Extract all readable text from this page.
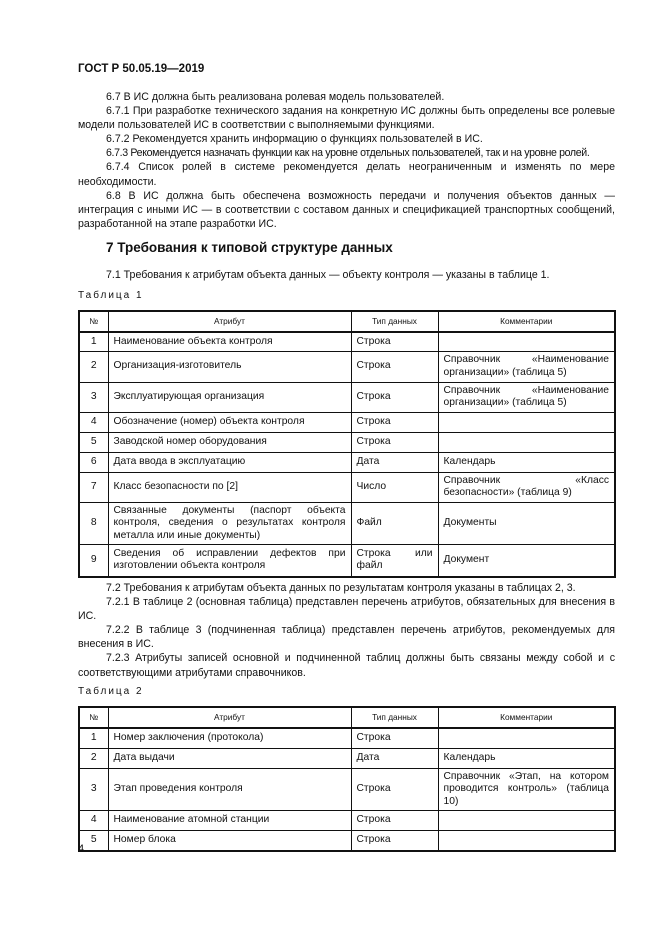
ГОСТ Р 50.05.19—2019

6.7 В ИС должна быть реализована ролевая модель пользователей.

6.7.1 При разработке технического задания на конкретную ИС должны быть определены все ролевые модели пользователей ИС в соответствии с выполняемыми функциями.

6.7.2 Рекомендуется хранить информацию о функциях пользователей в ИС.

6.7.3 Рекомендуется назначать функции как на уровне отдельных пользователей, так и на уровне ролей.

6.7.4 Список ролей в системе рекомендуется делать неограниченным и изменять по мере необходимости.

6.8 В ИС должна быть обеспечена возможность передачи и получения объектов данных — интеграция с иными ИС — в соответствии с составом данных и спецификацией транспортных сообщений, разработанной на этапе разработки ИС.

7 Требования к типовой структуре данных

7.1 Требования к атрибутам объекта данных — объекту контроля — указаны в таблице 1.

Таблица 1
№	Атрибут	Тип данных	Комментарии
1	Наименование объекта контроля	Строка	
2	Организация-изготовитель	Строка	Справочник «Наименование организации» (таблица 5)
3	Эксплуатирующая организация	Строка	Справочник «Наименование организации» (таблица 5)
4	Обозначение (номер) объекта контроля	Строка	
5	Заводской номер оборудования	Строка	
6	Дата ввода в эксплуатацию	Дата	Календарь
7	Класс безопасности по [2]	Число	Справочник «Класс безопасности» (таблица 9)
8	Связанные документы (паспорт объекта контроля, сведения о результатах контроля металла или иные документы)	Файл	Документы
9	Сведения об исправлении дефектов при изготовлении объекта контроля	Строка или файл	Документ

7.2 Требования к атрибутам объекта данных по результатам контроля указаны в таблицах 2, 3.

7.2.1 В таблице 2 (основная таблица) представлен перечень атрибутов, обязательных для внесения в ИС.

7.2.2 В таблице 3 (подчиненная таблица) представлен перечень атрибутов, рекомендуемых для внесения в ИС.

7.2.3 Атрибуты записей основной и подчиненной таблиц должны быть связаны между собой и с соответствующими атрибутами справочников.

Таблица 2
№	Атрибут	Тип данных	Комментарии
1	Номер заключения (протокола)	Строка	
2	Дата выдачи	Дата	Календарь
3	Этап проведения контроля	Строка	Справочник «Этап, на котором проводится контроль» (таблица 10)
4	Наименование атомной станции	Строка	
5	Номер блока	Строка	
4
